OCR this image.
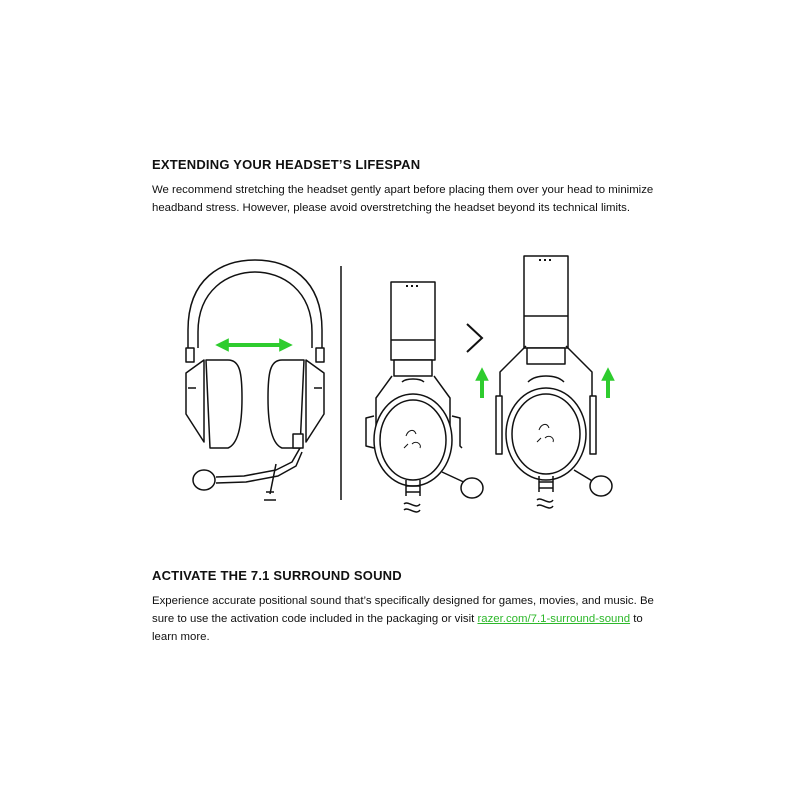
EXTENDING YOUR HEADSET’S LIFESPAN

We recommend stretching the headset gently apart before placing them over your head to minimize headband stress. However, please avoid overstretching the headset beyond its technical limits.

ACTIVATE THE 7.1 SURROUND SOUND

Experience accurate positional sound that’s specifically designed for games, movies, and music. Be sure to use the activation code included in the packaging or visit razer.com/7.1-surround-sound to learn more.
